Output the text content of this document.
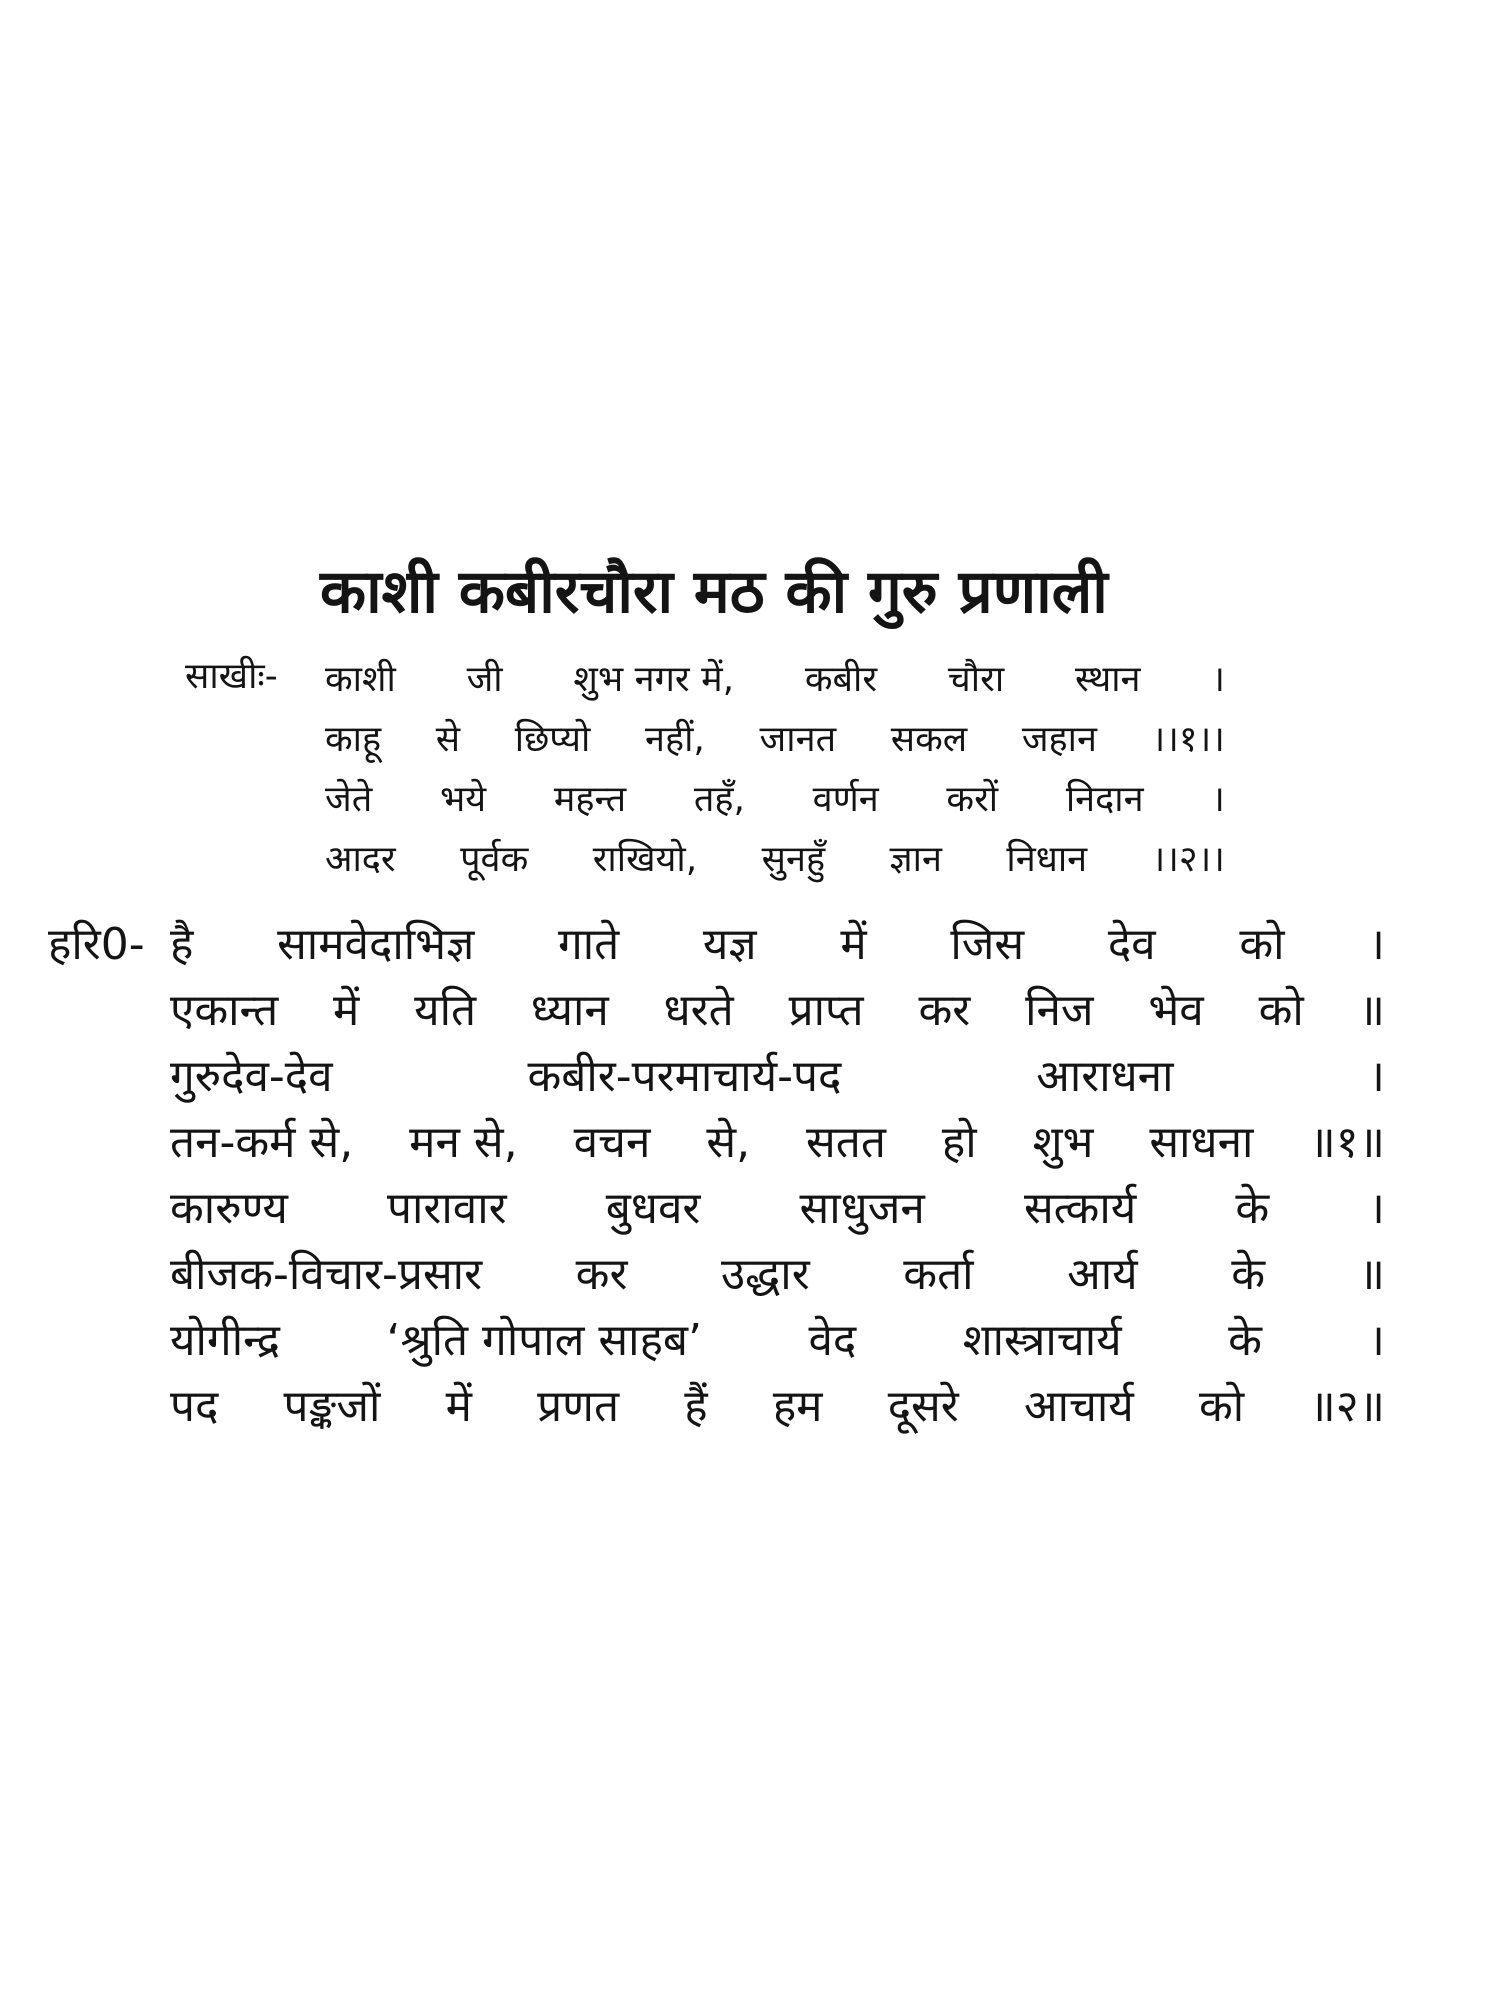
काशी कबीरचौरा मठ की गुरु प्रणाली
साखीः- काशी जी शुभ नगर में, कबीर चौरा स्थान ।
काहू से छिप्यो नहीं, जानत सकल जहान ।।१।।
जेते भये महन्त तहँ, वर्णन करों निदान ।
आदर पूर्वक राखियो, सुनहुँ ज्ञान निधान ।।२।।
हरि0- है सामवेदाभिज्ञ गाते यज्ञ में जिस देव को ।
एकान्त में यति ध्यान धरते प्राप्त कर निज भेव को ॥
गुरुदेव-देव	कबीर-परमाचार्य-पद	आराधना	।
तन-कर्म से, मन से, वचन से, सतत हो शुभ साधना ॥१॥
कारुण्य पारावार बुधवर साधुजन सत्कार्य के ।
बीजक-विचार-प्रसार कर उद्धार कर्ता आर्य के ॥
योगीन्द्र ‘श्रुति गोपाल साहब’ वेद शास्त्राचार्य के ।
पद पङ्कजों में प्रणत हैं हम दूसरे आचार्य को ॥२॥
